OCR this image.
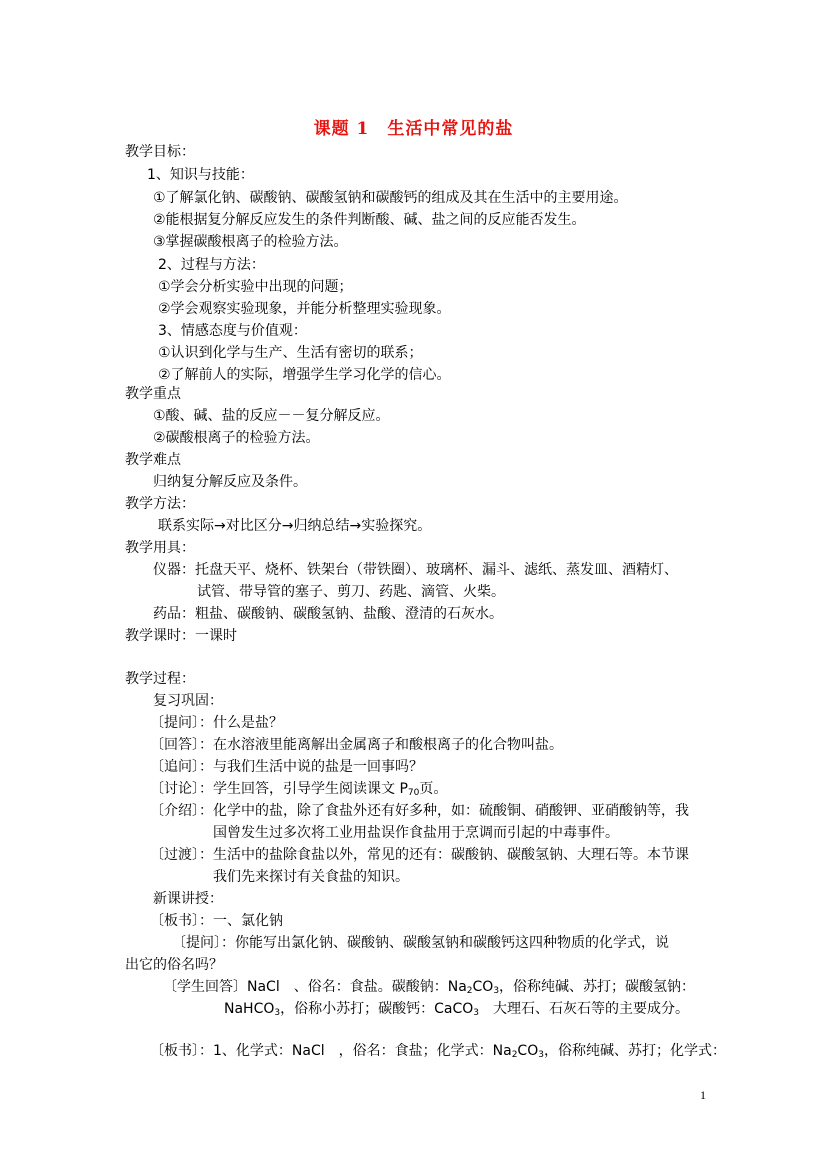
课题 1　生活中常见的盐
教学目标：
1、知识与技能：
①了解氯化钠、碳酸钠、碳酸氢钠和碳酸钙的组成及其在生活中的主要用途。
②能根据复分解反应发生的条件判断酸、碱、盐之间的反应能否发生。
③掌握碳酸根离子的检验方法。
2、过程与方法：
①学会分析实验中出现的问题；
②学会观察实验现象，并能分析整理实验现象。
3、情感态度与价值观：
①认识到化学与生产、生活有密切的联系；
②了解前人的实际，增强学生学习化学的信心。
教学重点
①酸、碱、盐的反应－－复分解反应。
②碳酸根离子的检验方法。
教学难点
归纳复分解反应及条件。
教学方法：
联系实际→对比区分→归纳总结→实验探究。
教学用具：
仪器：托盘天平、烧杯、铁架台（带铁圈）、玻璃杯、漏斗、滤纸、蒸发皿、酒精灯、
试管、带导管的塞子、剪刀、药匙、滴管、火柴。
药品：粗盐、碳酸钠、碳酸氢钠、盐酸、澄清的石灰水。
教学课时：一课时
教学过程：
复习巩固：
〔提问〕：什么是盐？
〔回答〕：在水溶液里能离解出金属离子和酸根离子的化合物叫盐。
〔追问〕：与我们生活中说的盐是一回事吗？
〔讨论〕：学生回答，引导学生阅读课文 $P_{70}$页。
〔介绍〕：化学中的盐，除了食盐外还有好多种，如：硫酸铜、硝酸钾、亚硝酸钠等，我
国曾发生过多次将工业用盐误作食盐用于烹调而引起的中毒事件。
〔过渡〕：生活中的盐除食盐以外，常见的还有：碳酸钠、碳酸氢钠、大理石等。本节课
我们先来探讨有关食盐的知识。
新课讲授：
〔板书〕：一、氯化钠
〔提问〕：你能写出氯化钠、碳酸钠、碳酸氢钠和碳酸钙这四种物质的化学式，说
出它的俗名吗？
〔学生回答〕NaCl　、俗名：食盐。碳酸钠：$Na_2CO_3$，俗称纯碱、苏打；碳酸氢钠：
NaHCO$_3$，俗称小苏打；碳酸钙：CaCO$_3$　大理石、石灰石等的主要成分。
〔板书〕：1、化学式：NaCl　，俗名：食盐；化学式：$Na_2CO_3$，俗称纯碱、苏打；化学式：
1
